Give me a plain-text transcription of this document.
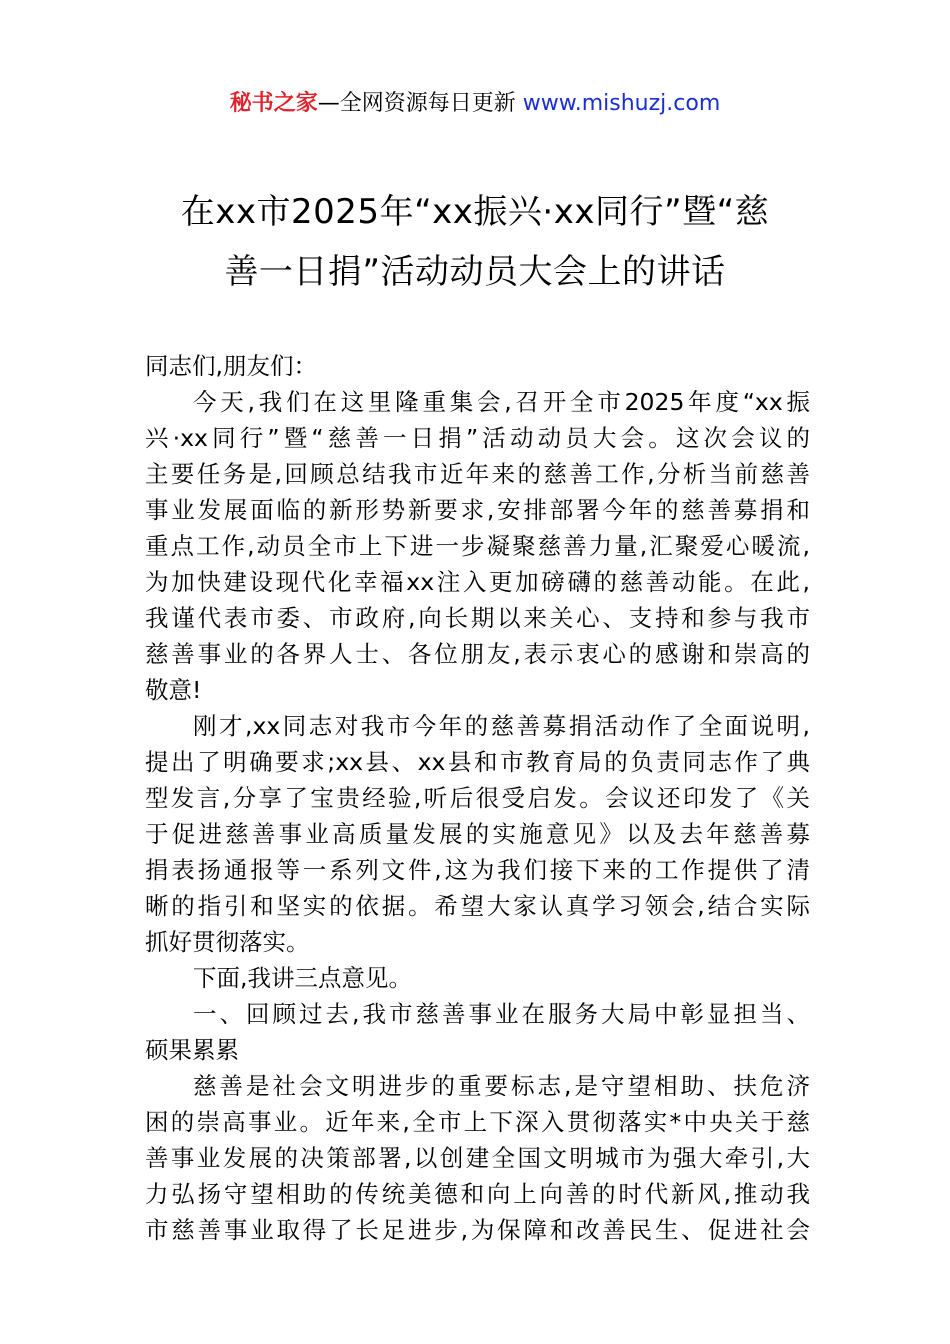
秘书之家—全网资源每日更新 www.mishuzj.com
在xx市2025年“xx振兴·xx同行”暨“慈
善一日捐”活动动员大会上的讲话
同志们,朋友们：
今天,我们在这里隆重集会,召开全市2025年度“xx振
兴·xx同行”暨“慈善一日捐”活动动员大会。这次会议的
主要任务是,回顾总结我市近年来的慈善工作,分析当前慈善
事业发展面临的新形势新要求,安排部署今年的慈善募捐和
重点工作,动员全市上下进一步凝聚慈善力量,汇聚爱心暖流,
为加快建设现代化幸福xx注入更加磅礴的慈善动能。在此,
我谨代表市委、市政府,向长期以来关心、支持和参与我市
慈善事业的各界人士、各位朋友,表示衷心的感谢和崇高的
敬意!
刚才,xx同志对我市今年的慈善募捐活动作了全面说明,
提出了明确要求;xx县、xx县和市教育局的负责同志作了典
型发言,分享了宝贵经验,听后很受启发。会议还印发了《关
于促进慈善事业高质量发展的实施意见》以及去年慈善募
捐表扬通报等一系列文件,这为我们接下来的工作提供了清
晰的指引和坚实的依据。希望大家认真学习领会,结合实际
抓好贯彻落实。
下面,我讲三点意见。
一、回顾过去,我市慈善事业在服务大局中彰显担当、
硕果累累
慈善是社会文明进步的重要标志,是守望相助、扶危济
困的崇高事业。近年来,全市上下深入贯彻落实*中央关于慈
善事业发展的决策部署,以创建全国文明城市为强大牵引,大
力弘扬守望相助的传统美德和向上向善的时代新风,推动我
市慈善事业取得了长足进步,为保障和改善民生、促进社会
